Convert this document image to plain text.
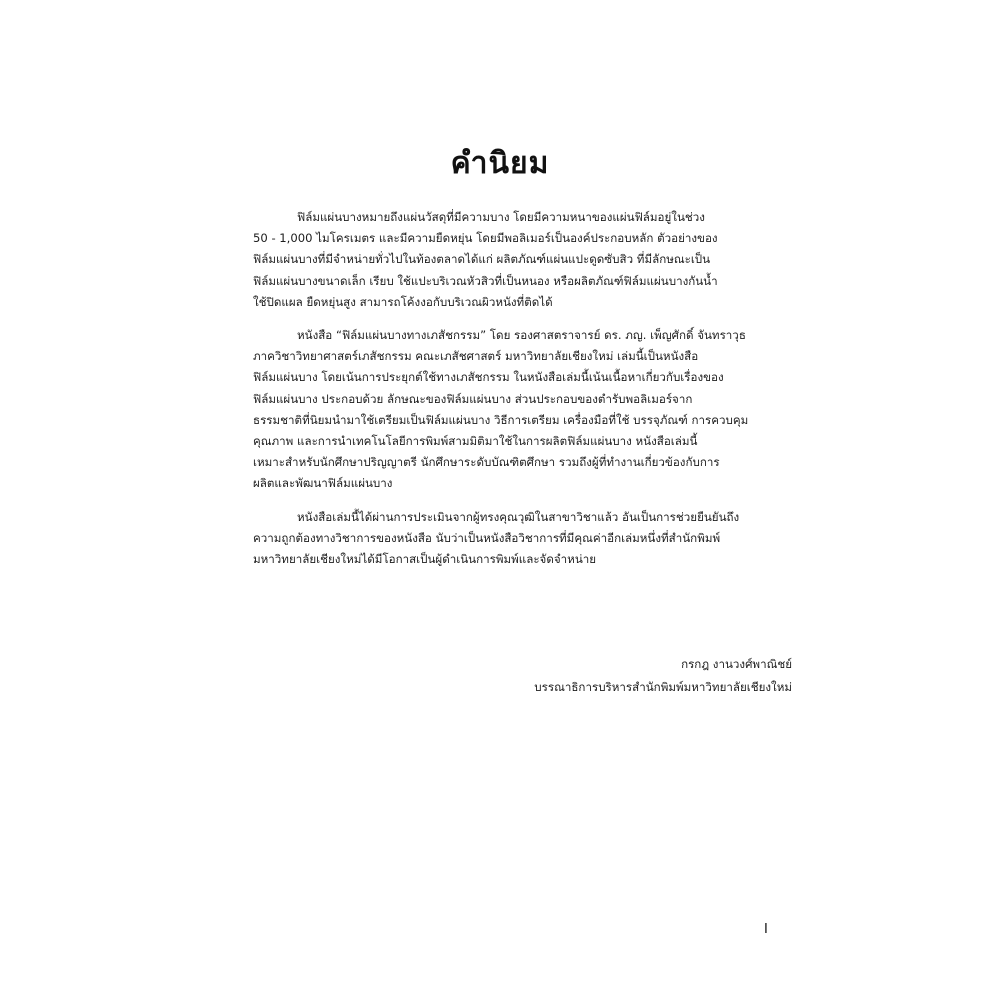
คำนิยม
ฟิล์มแผ่นบางหมายถึงแผ่นวัสดุที่มีความบาง โดยมีความหนาของแผ่นฟิล์มอยู่ในช่วง
50 - 1,000 ไมโครเมตร และมีความยืดหยุ่น โดยมีพอลิเมอร์เป็นองค์ประกอบหลัก ตัวอย่างของ
ฟิล์มแผ่นบางที่มีจำหน่ายทั่วไปในท้องตลาดได้แก่ ผลิตภัณฑ์แผ่นแปะดูดซับสิว ที่มีลักษณะเป็น
ฟิล์มแผ่นบางขนาดเล็ก เรียบ ใช้แปะบริเวณหัวสิวที่เป็นหนอง หรือผลิตภัณฑ์ฟิล์มแผ่นบางกันน้ำ
ใช้ปิดแผล ยืดหยุ่นสูง สามารถโค้งงอกับบริเวณผิวหนังที่ติดได้
หนังสือ “ฟิล์มแผ่นบางทางเภสัชกรรม” โดย รองศาสตราจารย์ ดร. ภญ. เพ็ญศักดิ์ จันทราวุธ
ภาควิชาวิทยาศาสตร์เภสัชกรรม คณะเภสัชศาสตร์ มหาวิทยาลัยเชียงใหม่ เล่มนี้เป็นหนังสือ
ฟิล์มแผ่นบาง โดยเน้นการประยุกต์ใช้ทางเภสัชกรรม ในหนังสือเล่มนี้เน้นเนื้อหาเกี่ยวกับเรื่องของ
ฟิล์มแผ่นบาง ประกอบด้วย ลักษณะของฟิล์มแผ่นบาง ส่วนประกอบของตำรับพอลิเมอร์จาก
ธรรมชาติที่นิยมนำมาใช้เตรียมเป็นฟิล์มแผ่นบาง วิธีการเตรียม เครื่องมือที่ใช้ บรรจุภัณฑ์ การควบคุม
คุณภาพ และการนำเทคโนโลยีการพิมพ์สามมิติมาใช้ในการผลิตฟิล์มแผ่นบาง หนังสือเล่มนี้
เหมาะสำหรับนักศึกษาปริญญาตรี นักศึกษาระดับบัณฑิตศึกษา รวมถึงผู้ที่ทำงานเกี่ยวข้องกับการ
ผลิตและพัฒนาฟิล์มแผ่นบาง
หนังสือเล่มนี้ได้ผ่านการประเมินจากผู้ทรงคุณวุฒิในสาขาวิชาแล้ว อันเป็นการช่วยยืนยันถึง
ความถูกต้องทางวิชาการของหนังสือ นับว่าเป็นหนังสือวิชาการที่มีคุณค่าอีกเล่มหนึ่งที่สำนักพิมพ์
มหาวิทยาลัยเชียงใหม่ได้มีโอกาสเป็นผู้ดำเนินการพิมพ์และจัดจำหน่าย
กรกฎ งานวงศ์พาณิชย์
บรรณาธิการบริหารสำนักพิมพ์มหาวิทยาลัยเชียงใหม่
I
